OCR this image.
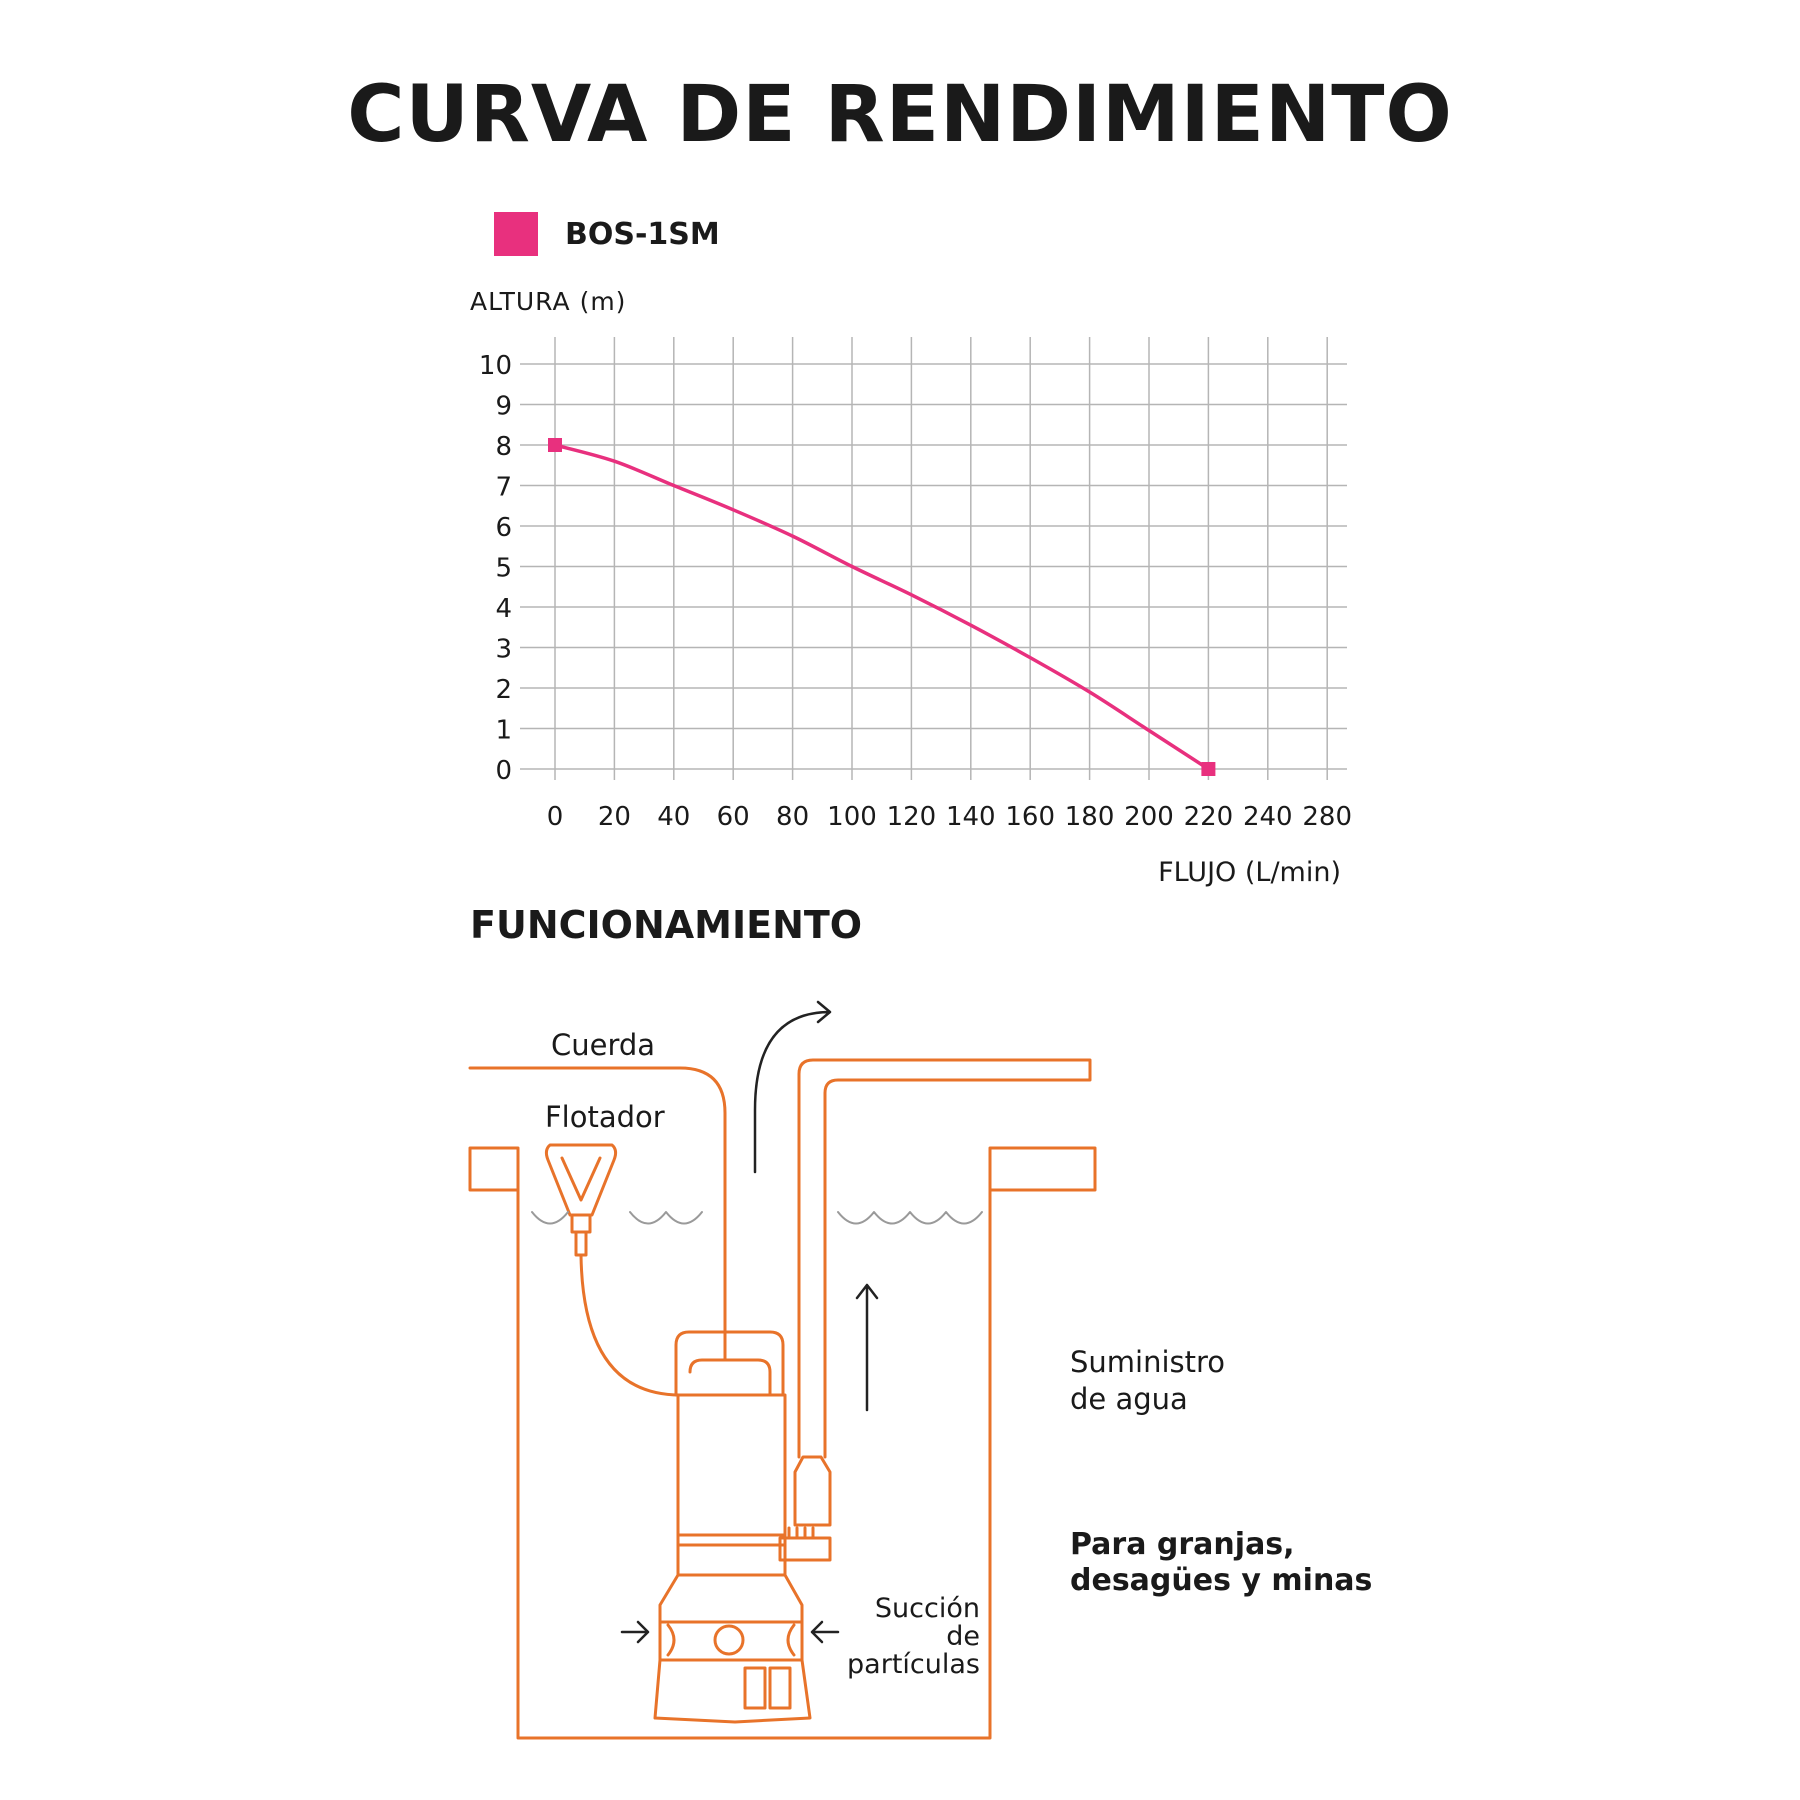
CURVA DE RENDIMIENTO
BOS-1SM
ALTURA (m)
FLUJO (L/min)
0
1
2
3
4
5
6
7
8
9
10
0 20 40 60 80 100 120 140 160 180 200 220 240 280
FUNCIONAMIENTO
Cuerda
Flotador
Suministro
de agua
Para granjas,
desagües y minas
Succión de
partículas
